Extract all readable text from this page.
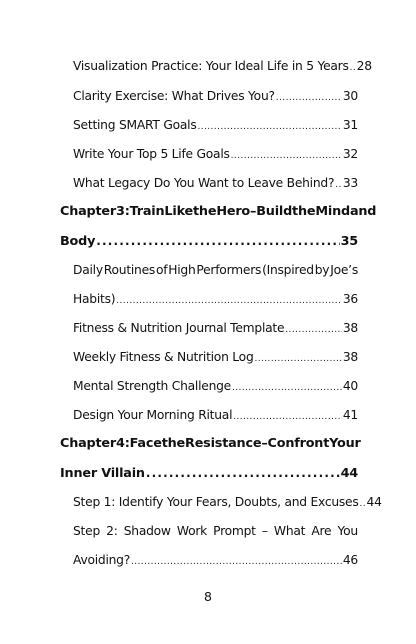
Visualization Practice: Your Ideal Life in 5 Years ..... 28
Clarity Exercise: What Drives You? .....	30
Setting SMART Goals .....	31
Write Your Top 5 Life Goals .....	32
What Legacy Do You Want to Leave Behind? ..... 33
Chapter 3: Train Like the Hero – Build the Mind and
Body .....	35
Daily Routines of High Performers (Inspired by Joe’s
Habits) .....	36
Fitness & Nutrition Journal Template .....	38
Weekly Fitness & Nutrition Log .....	38
Mental Strength Challenge .....	40
Design Your Morning Ritual .....	41
Chapter 4: Face the Resistance – Confront Your
Inner Villain .....	44
Step 1: Identify Your Fears, Doubts, and Excuses ..... 44
Step 2: Shadow Work Prompt – What Are You
Avoiding? .....	46
8
